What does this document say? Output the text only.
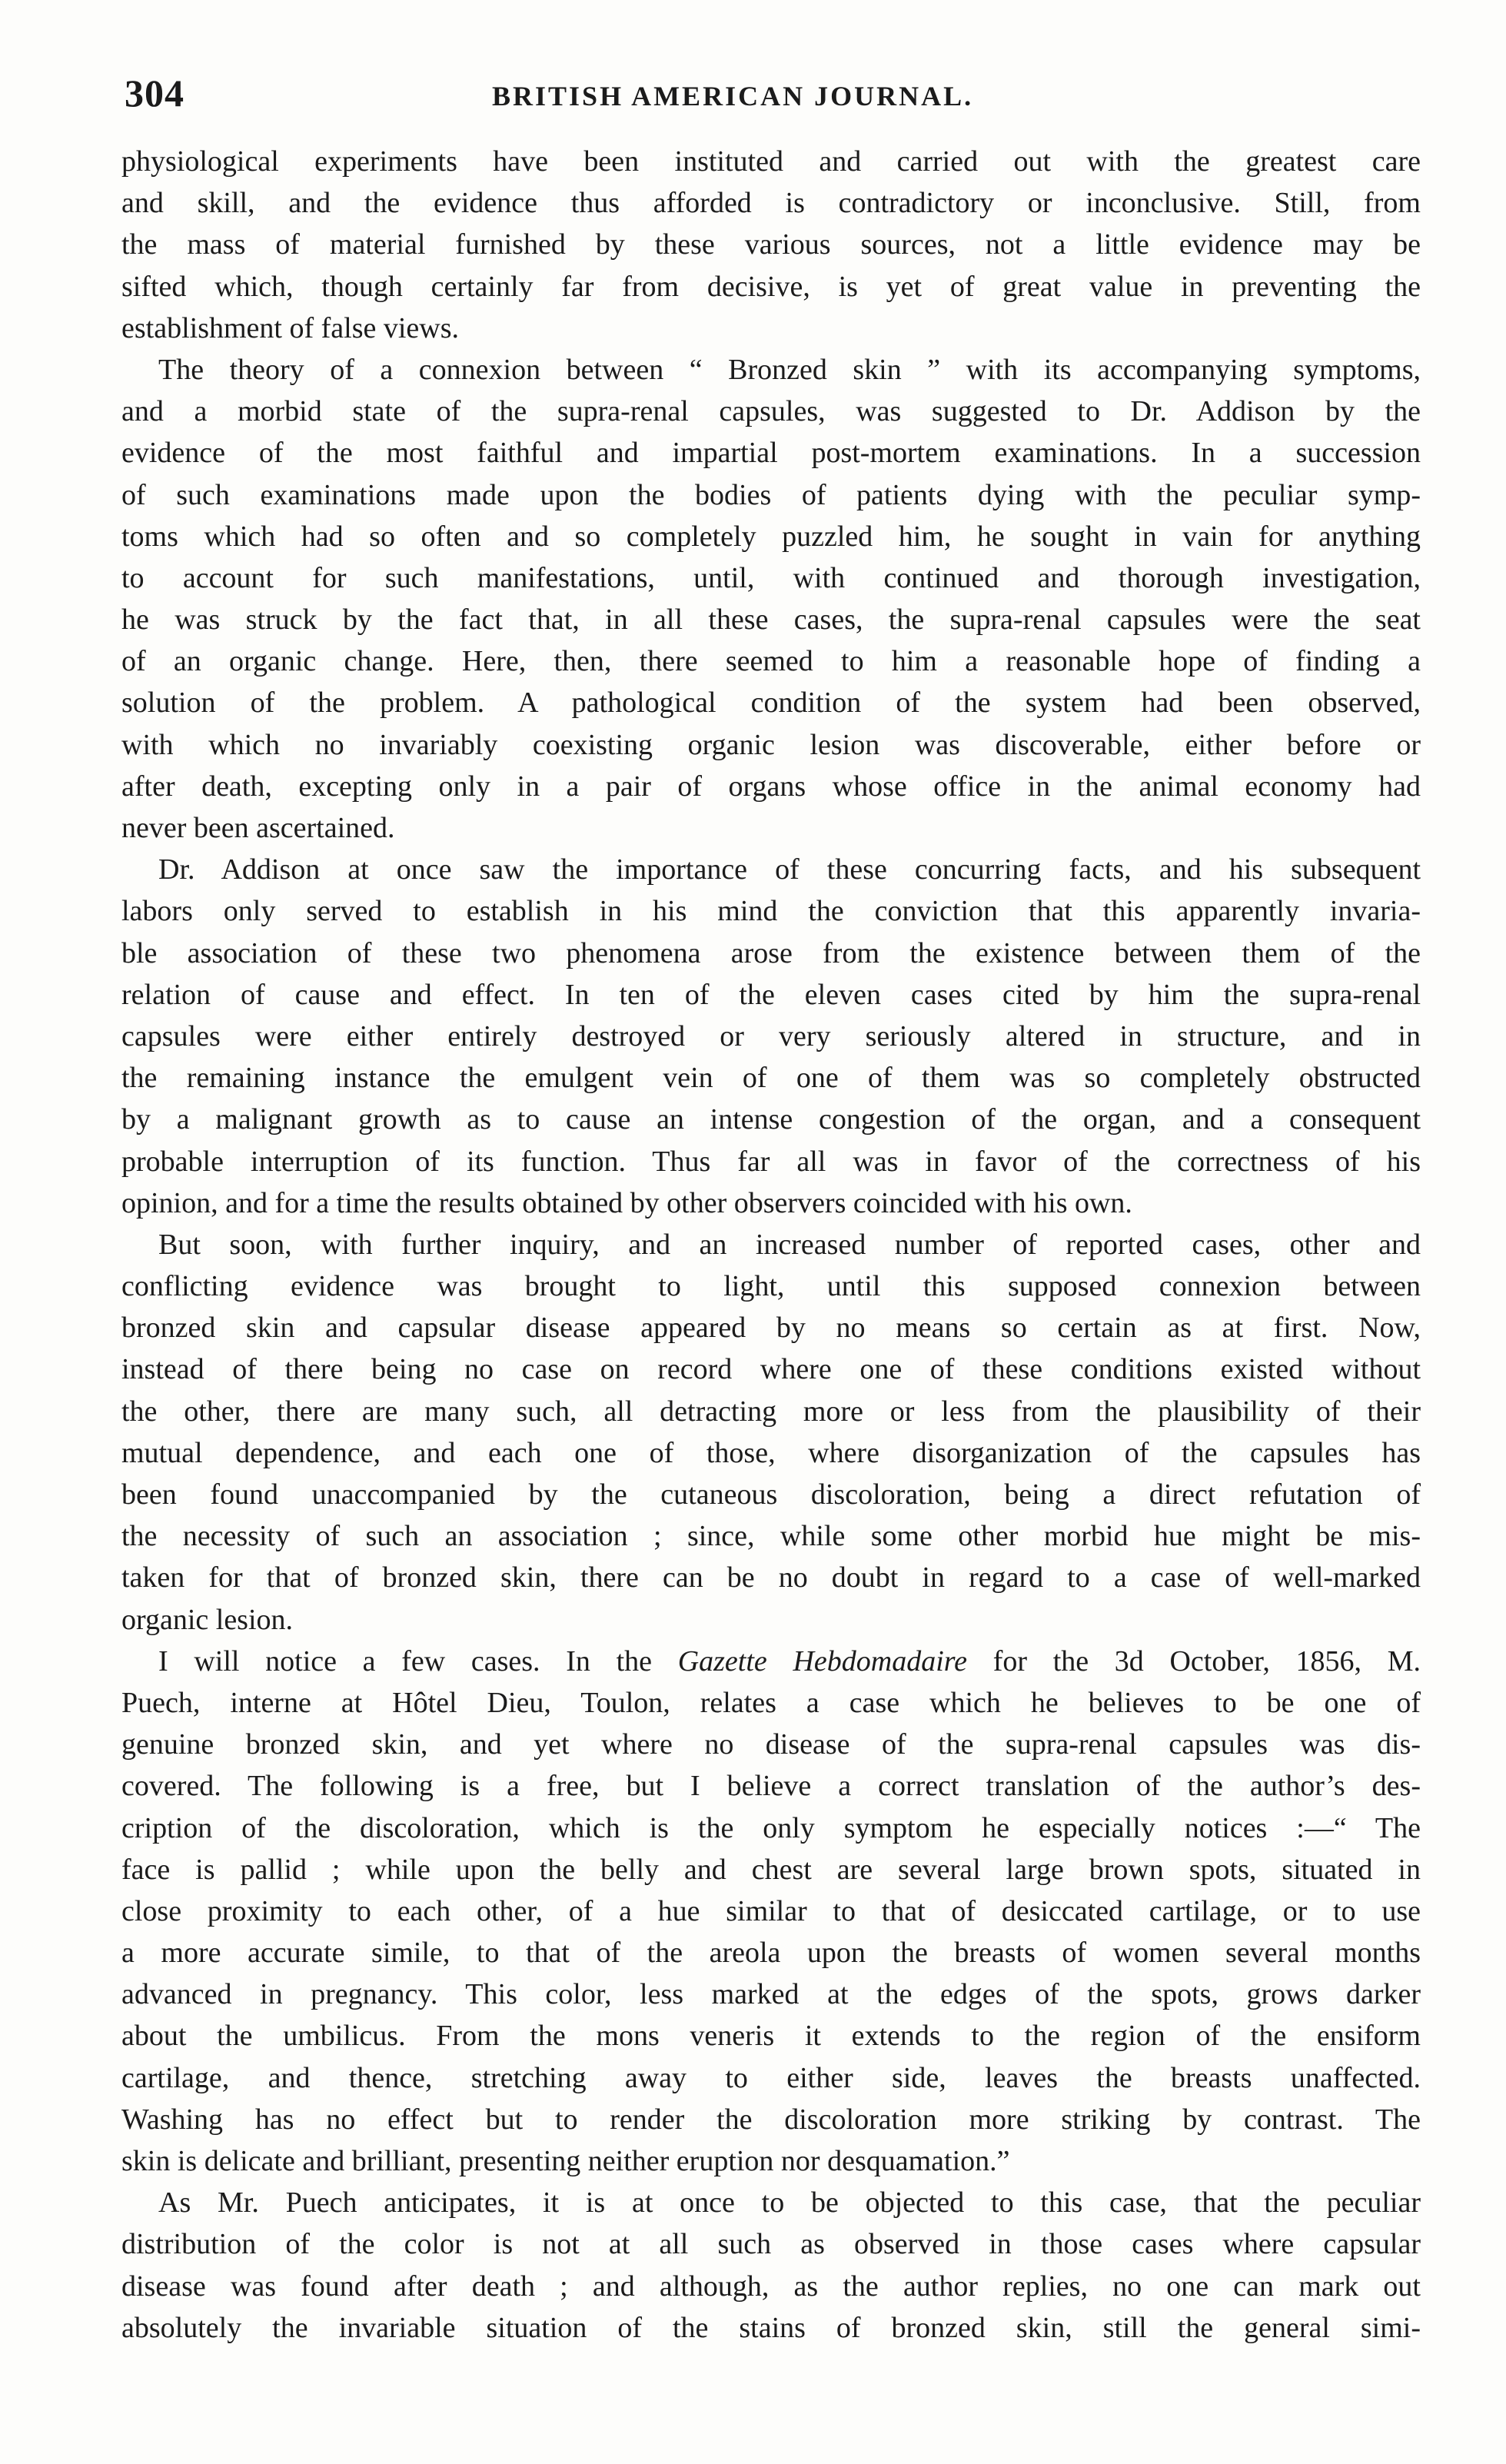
304	BRITISH AMERICAN JOURNAL.
physiological experiments have been instituted and carried out with the greatest care
and skill, and the evidence thus afforded is contradictory or inconclusive. Still, from
the mass of material furnished by these various sources, not a little evidence may be
sifted which, though certainly far from decisive, is yet of great value in preventing the
establishment of false views.
The theory of a connexion between “ Bronzed skin ” with its accompanying symptoms,
and a morbid state of the supra-renal capsules, was suggested to Dr. Addison by the
evidence of the most faithful and impartial post-mortem examinations. In a succession
of such examinations made upon the bodies of patients dying with the peculiar symp-
toms which had so often and so completely puzzled him, he sought in vain for anything
to account for such manifestations, until, with continued and thorough investigation,
he was struck by the fact that, in all these cases, the supra-renal capsules were the seat
of an organic change. Here, then, there seemed to him a reasonable hope of finding a
solution of the problem. A pathological condition of the system had been observed,
with which no invariably coexisting organic lesion was discoverable, either before or
after death, excepting only in a pair of organs whose office in the animal economy had
never been ascertained.
Dr. Addison at once saw the importance of these concurring facts, and his subsequent
labors only served to establish in his mind the conviction that this apparently invaria-
ble association of these two phenomena arose from the existence between them of the
relation of cause and effect. In ten of the eleven cases cited by him the supra-renal
capsules were either entirely destroyed or very seriously altered in structure, and in
the remaining instance the emulgent vein of one of them was so completely obstructed
by a malignant growth as to cause an intense congestion of the organ, and a consequent
probable interruption of its function. Thus far all was in favor of the correctness of his
opinion, and for a time the results obtained by other observers coincided with his own.
But soon, with further inquiry, and an increased number of reported cases, other and
conflicting evidence was brought to light, until this supposed connexion between
bronzed skin and capsular disease appeared by no means so certain as at first. Now,
instead of there being no case on record where one of these conditions existed without
the other, there are many such, all detracting more or less from the plausibility of their
mutual dependence, and each one of those, where disorganization of the capsules has
been found unaccompanied by the cutaneous discoloration, being a direct refutation of
the necessity of such an association ; since, while some other morbid hue might be mis-
taken for that of bronzed skin, there can be no doubt in regard to a case of well-marked
organic lesion.
I will notice a few cases. In the Gazette Hebdomadaire for the 3d October, 1856, M.
Puech, interne at Hôtel Dieu, Toulon, relates a case which he believes to be one of
genuine bronzed skin, and yet where no disease of the supra-renal capsules was dis-
covered. The following is a free, but I believe a correct translation of the author’s des-
cription of the discoloration, which is the only symptom he especially notices :—“ The
face is pallid ; while upon the belly and chest are several large brown spots, situated in
close proximity to each other, of a hue similar to that of desiccated cartilage, or to use
a more accurate simile, to that of the areola upon the breasts of women several months
advanced in pregnancy. This color, less marked at the edges of the spots, grows darker
about the umbilicus. From the mons veneris it extends to the region of the ensiform
cartilage, and thence, stretching away to either side, leaves the breasts unaffected.
Washing has no effect but to render the discoloration more striking by contrast. The
skin is delicate and brilliant, presenting neither eruption nor desquamation.”
As Mr. Puech anticipates, it is at once to be objected to this case, that the peculiar
distribution of the color is not at all such as observed in those cases where capsular
disease was found after death ; and although, as the author replies, no one can mark out
absolutely the invariable situation of the stains of bronzed skin, still the general simi-
